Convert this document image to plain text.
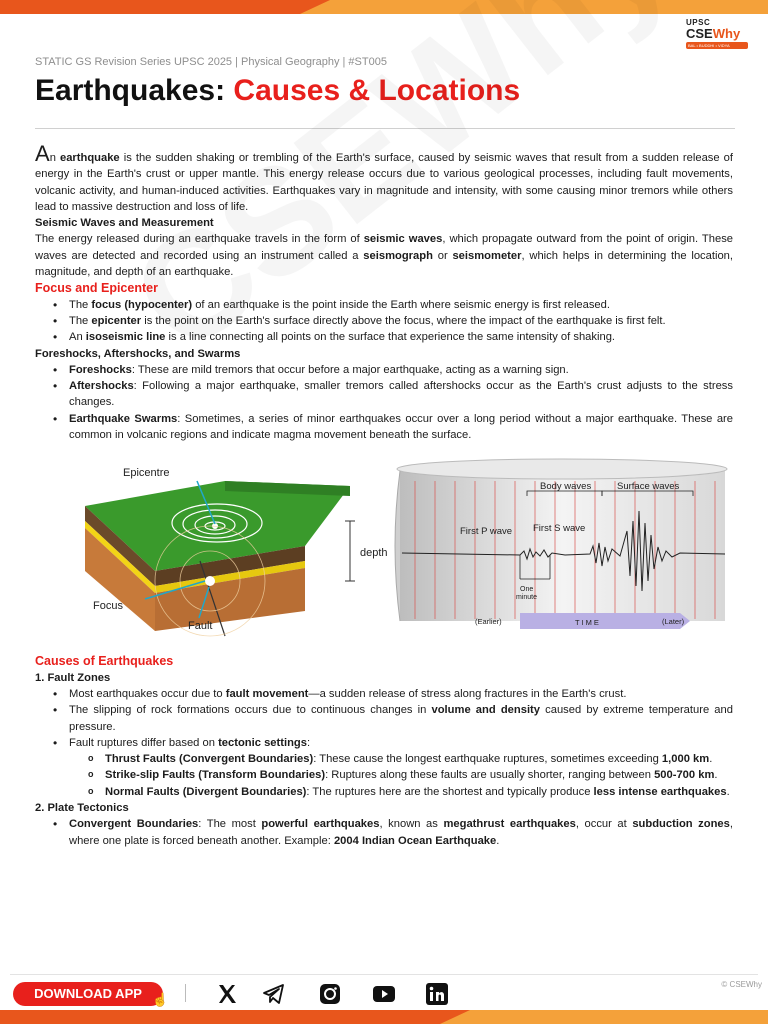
UPSC
CSEWhy
BAL • BUDDHI • VIDYA
STATIC GS Revision Series UPSC 2025 | Physical Geography | #ST005
Earthquakes: Causes & Locations

An earthquake is the sudden shaking or trembling of the Earth's surface, caused by seismic waves that result from a sudden release of energy in the Earth's crust or upper mantle. This energy release occurs due to various geological processes, including fault movements, volcanic activity, and human-induced activities. Earthquakes vary in magnitude and intensity, with some causing minor tremors while others lead to massive destruction and loss of life.

Seismic Waves and Measurement

The energy released during an earthquake travels in the form of seismic waves, which propagate outward from the point of origin. These waves are detected and recorded using an instrument called a seismograph or seismometer, which helps in determining the location, magnitude, and depth of an earthquake.

Focus and Epicenter

• The focus (hypocenter) of an earthquake is the point inside the Earth where seismic energy is first released.
• The epicenter is the point on the Earth's surface directly above the focus, where the impact of the earthquake is first felt.
• An isoseismic line is a line connecting all points on the surface that experience the same intensity of shaking.

Foreshocks, Aftershocks, and Swarms

• Foreshocks: These are mild tremors that occur before a major earthquake, acting as a warning sign.
• Aftershocks: Following a major earthquake, smaller tremors called aftershocks occur as the Earth's crust adjusts to the stress changes.
• Earthquake Swarms: Sometimes, a series of minor earthquakes occur over a long period without a major earthquake. These are common in volcanic regions and indicate magma movement beneath the surface.
Epicentre
depth
Focus
Fault
Body waves	Surface waves
First P wave First S wave
One
minute
(Earlier)	TIME	(Later)

Causes of Earthquakes

1. Fault Zones

• Most earthquakes occur due to fault movement—a sudden release of stress along fractures in the Earth's crust.
• The slipping of rock formations occurs due to continuous changes in volume and density caused by extreme temperature and pressure.
• Fault ruptures differ based on tectonic settings:
o Thrust Faults (Convergent Boundaries): These cause the longest earthquake ruptures, sometimes exceeding 1,000 km.
o Strike-slip Faults (Transform Boundaries): Ruptures along these faults are usually shorter, ranging between 500-700 km.
o Normal Faults (Divergent Boundaries): The ruptures here are the shortest and typically produce less intense earthquakes.

2. Plate Tectonics

• Convergent Boundaries: The most powerful earthquakes, known as megathrust earthquakes, occur at subduction zones, where one plate is forced beneath another. Example: 2004 Indian Ocean Earthquake.
DOWNLOAD APP ☝
© CSEWhy
